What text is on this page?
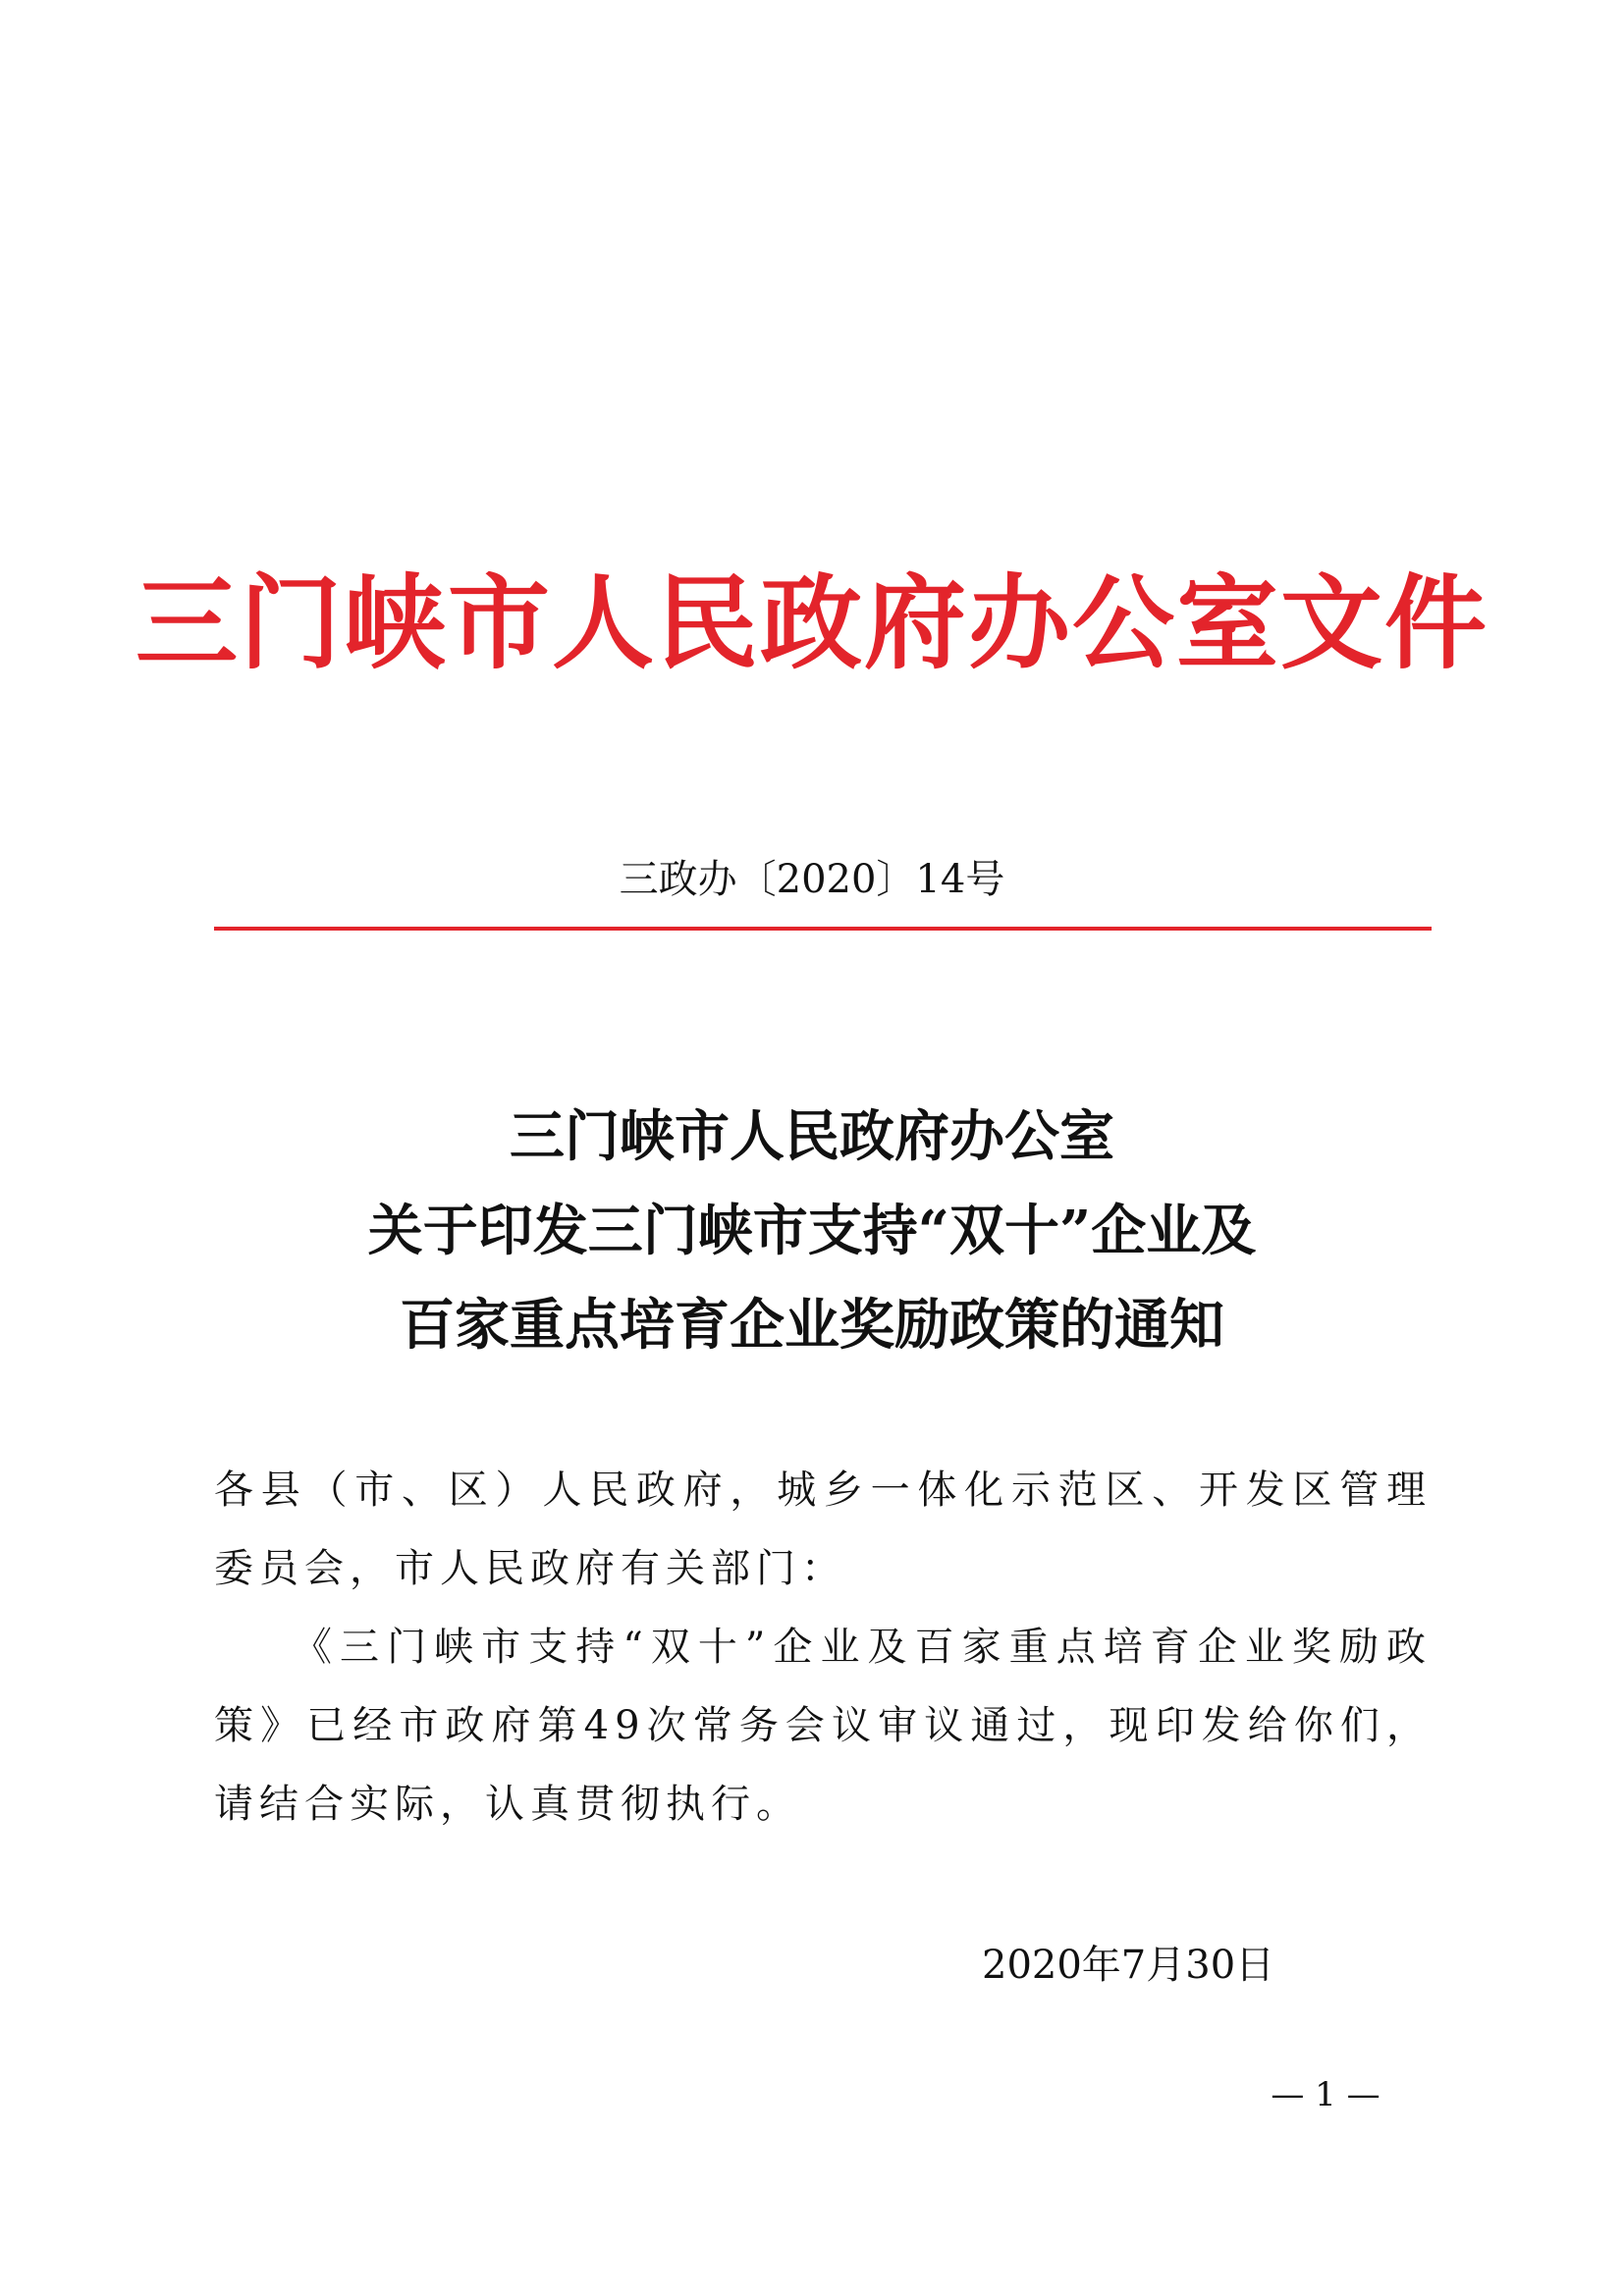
三门峡市人民政府办公室文件
三政办〔2020〕14号
三门峡市人民政府办公室
关于印发三门峡市支持“双十”企业及
百家重点培育企业奖励政策的通知

各县（市、区）人民政府，城乡一体化示范区、开发区管理委员会，市人民政府有关部门：

《三门峡市支持“双十”企业及百家重点培育企业奖励政策》已经市政府第49次常务会议审议通过，现印发给你们，请结合实际，认真贯彻执行。

2020年7月30日
— 1 —
